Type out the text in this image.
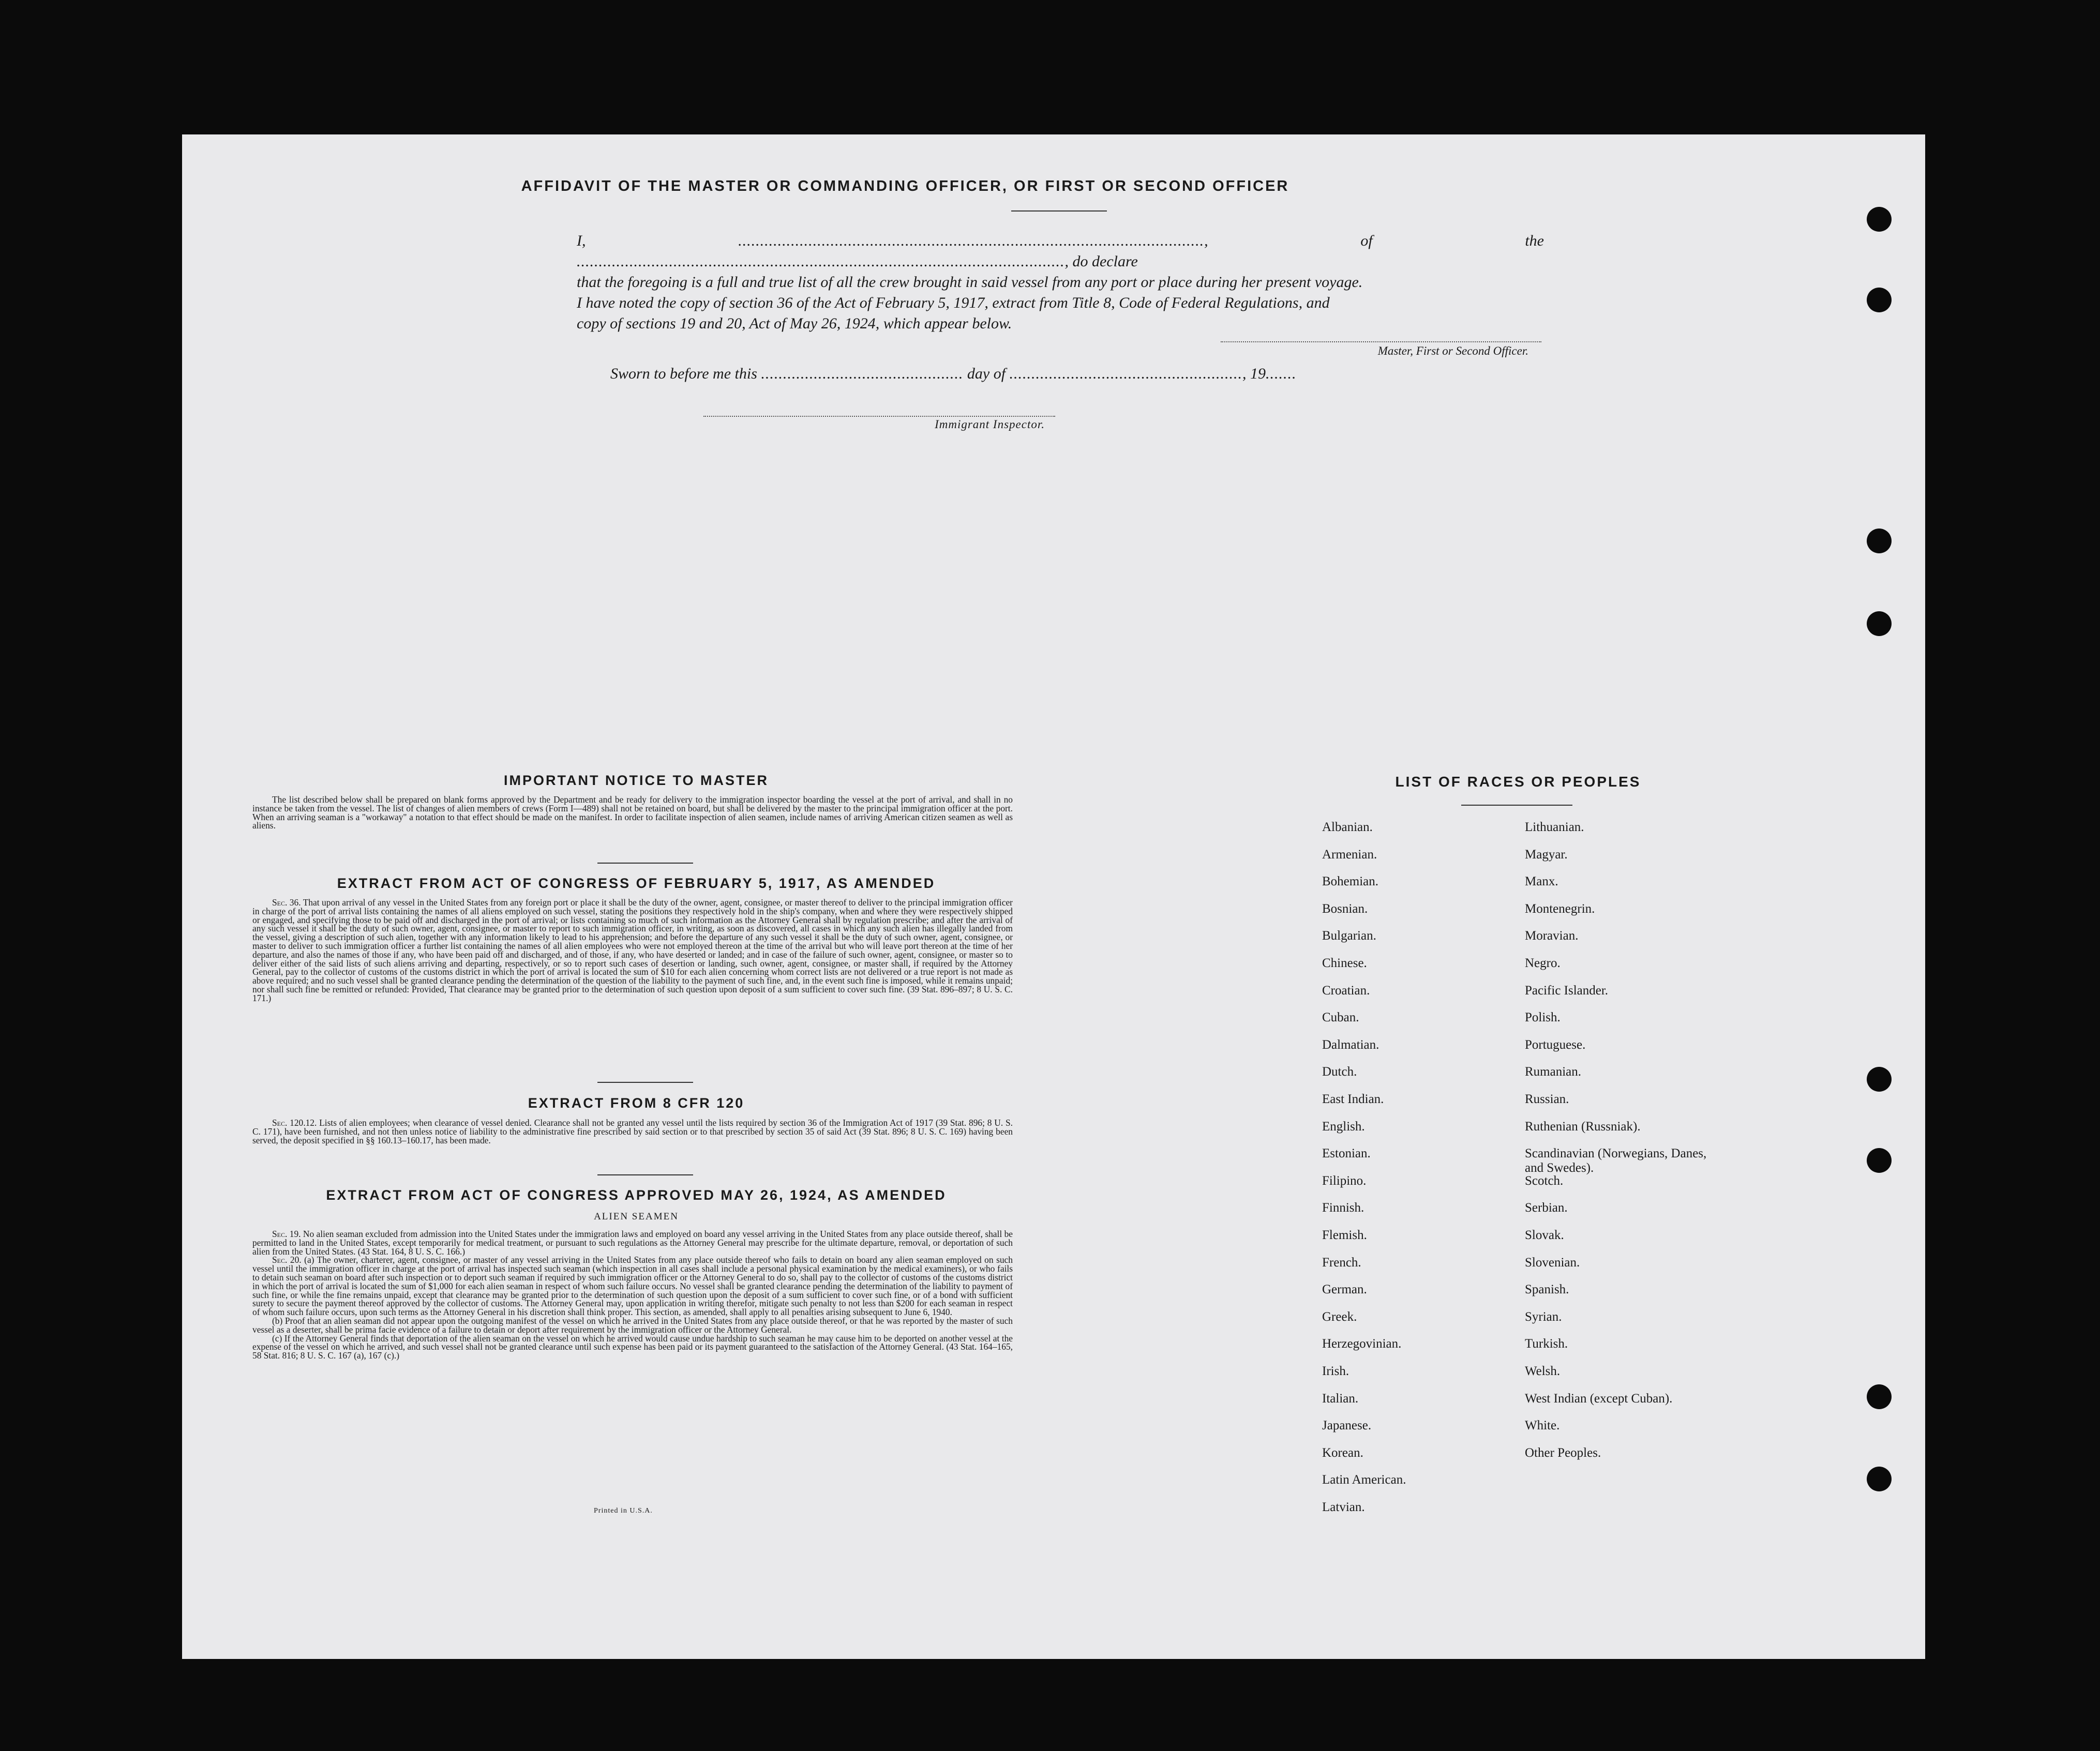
AFFIDAVIT OF THE MASTER OR COMMANDING OFFICER, OR FIRST OR SECOND OFFICER
I,	.........................................................................................................., of the ..............................................................................................................., do declare
that the foregoing is a full and true list of all the crew brought in said vessel from any port or place during her present voyage.
I have noted the copy of section 36 of the Act of February 5, 1917, extract from Title 8, Code of Federal Regulations, and
copy of sections 19 and 20, Act of May 26, 1924, which appear below.
Master, First or Second Officer.
Sworn to before me this .............................................. day of ....................................................., 19.......
Immigrant Inspector.
IMPORTANT NOTICE TO MASTER

The list described below shall be prepared on blank forms approved by the Department and be ready for delivery to the immigration inspector boarding the vessel at the port of arrival, and shall in no instance be taken from the vessel. The list of changes of alien members of crews (Form I—489) shall not be retained on board, but shall be delivered by the master to the principal immigration officer at the port. When an arriving seaman is a "workaway" a notation to that effect should be made on the manifest. In order to facilitate inspection of alien seamen, include names of arriving American citizen seamen as well as aliens.

EXTRACT FROM ACT OF CONGRESS OF FEBRUARY 5, 1917, AS AMENDED

Sec. 36. That upon arrival of any vessel in the United States from any foreign port or place it shall be the duty of the owner, agent, consignee, or master thereof to deliver to the principal immigration officer in charge of the port of arrival lists containing the names of all aliens employed on such vessel, stating the positions they respectively hold in the ship's company, when and where they were respectively shipped or engaged, and specifying those to be paid off and discharged in the port of arrival; or lists containing so much of such information as the Attorney General shall by regulation prescribe; and after the arrival of any such vessel it shall be the duty of such owner, agent, consignee, or master to report to such immigration officer, in writing, as soon as discovered, all cases in which any such alien has illegally landed from the vessel, giving a description of such alien, together with any information likely to lead to his apprehension; and before the departure of any such vessel it shall be the duty of such owner, agent, consignee, or master to deliver to such immigration officer a further list containing the names of all alien employees who were not employed thereon at the time of the arrival but who will leave port thereon at the time of her departure, and also the names of those if any, who have been paid off and discharged, and of those, if any, who have deserted or landed; and in case of the failure of such owner, agent, consignee, or master so to deliver either of the said lists of such aliens arriving and departing, respectively, or so to report such cases of desertion or landing, such owner, agent, consignee, or master shall, if required by the Attorney General, pay to the collector of customs of the customs district in which the port of arrival is located the sum of $10 for each alien concerning whom correct lists are not delivered or a true report is not made as above required; and no such vessel shall be granted clearance pending the determination of the question of the liability to the payment of such fine, and, in the event such fine is imposed, while it remains unpaid; nor shall such fine be remitted or refunded: Provided, That clearance may be granted prior to the determination of such question upon deposit of a sum sufficient to cover such fine. (39 Stat. 896–897; 8 U. S. C. 171.)

EXTRACT FROM 8 CFR 120

Sec. 120.12. Lists of alien employees; when clearance of vessel denied. Clearance shall not be granted any vessel until the lists required by section 36 of the Immigration Act of 1917 (39 Stat. 896; 8 U. S. C. 171), have been furnished, and not then unless notice of liability to the administrative fine prescribed by said section or to that prescribed by section 35 of said Act (39 Stat. 896; 8 U. S. C. 169) having been served, the deposit specified in §§ 160.13–160.17, has been made.

EXTRACT FROM ACT OF CONGRESS APPROVED MAY 26, 1924, AS AMENDED
ALIEN SEAMEN

Sec. 19. No alien seaman excluded from admission into the United States under the immigration laws and employed on board any vessel arriving in the United States from any place outside thereof, shall be permitted to land in the United States, except temporarily for medical treatment, or pursuant to such regulations as the Attorney General may prescribe for the ultimate departure, removal, or deportation of such alien from the United States. (43 Stat. 164, 8 U. S. C. 166.)

Sec. 20. (a) The owner, charterer, agent, consignee, or master of any vessel arriving in the United States from any place outside thereof who fails to detain on board any alien seaman employed on such vessel until the immigration officer in charge at the port of arrival has inspected such seaman (which inspection in all cases shall include a personal physical examination by the medical examiners), or who fails to detain such seaman on board after such inspection or to deport such seaman if required by such immigration officer or the Attorney General to do so, shall pay to the collector of customs of the customs district in which the port of arrival is located the sum of $1,000 for each alien seaman in respect of whom such failure occurs. No vessel shall be granted clearance pending the determination of the liability to payment of such fine, or while the fine remains unpaid, except that clearance may be granted prior to the determination of such question upon the deposit of a sum sufficient to cover such fine, or of a bond with sufficient surety to secure the payment thereof approved by the collector of customs. The Attorney General may, upon application in writing therefor, mitigate such penalty to not less than $200 for each seaman in respect of whom such failure occurs, upon such terms as the Attorney General in his discretion shall think proper. This section, as amended, shall apply to all penalties arising subsequent to June 6, 1940.

(b) Proof that an alien seaman did not appear upon the outgoing manifest of the vessel on which he arrived in the United States from any place outside thereof, or that he was reported by the master of such vessel as a deserter, shall be prima facie evidence of a failure to detain or deport after requirement by the immigration officer or the Attorney General.

(c) If the Attorney General finds that deportation of the alien seaman on the vessel on which he arrived would cause undue hardship to such seaman he may cause him to be deported on another vessel at the expense of the vessel on which he arrived, and such vessel shall not be granted clearance until such expense has been paid or its payment guaranteed to the satisfaction of the Attorney General. (43 Stat. 164–165, 58 Stat. 816; 8 U. S. C. 167 (a), 167 (c).)

Printed in U.S.A.
LIST OF RACES OR PEOPLES
Albanian.
Armenian.
Bohemian.
Bosnian.
Bulgarian.
Chinese.
Croatian.
Cuban.
Dalmatian.
Dutch.
East Indian.
English.
Estonian.
Filipino.
Finnish.
Flemish.
French.
German.
Greek.
Herzegovinian.
Irish.
Italian.
Japanese.
Korean.
Latin American.
Latvian.
Lithuanian.
Magyar.
Manx.
Montenegrin.
Moravian.
Negro.
Pacific Islander.
Polish.
Portuguese.
Rumanian.
Russian.
Ruthenian (Russniak).
Scandinavian (Norwegians, Danes, and Swedes).
Scotch.
Serbian.
Slovak.
Slovenian.
Spanish.
Syrian.
Turkish.
Welsh.
West Indian (except Cuban).
White.
Other Peoples.
